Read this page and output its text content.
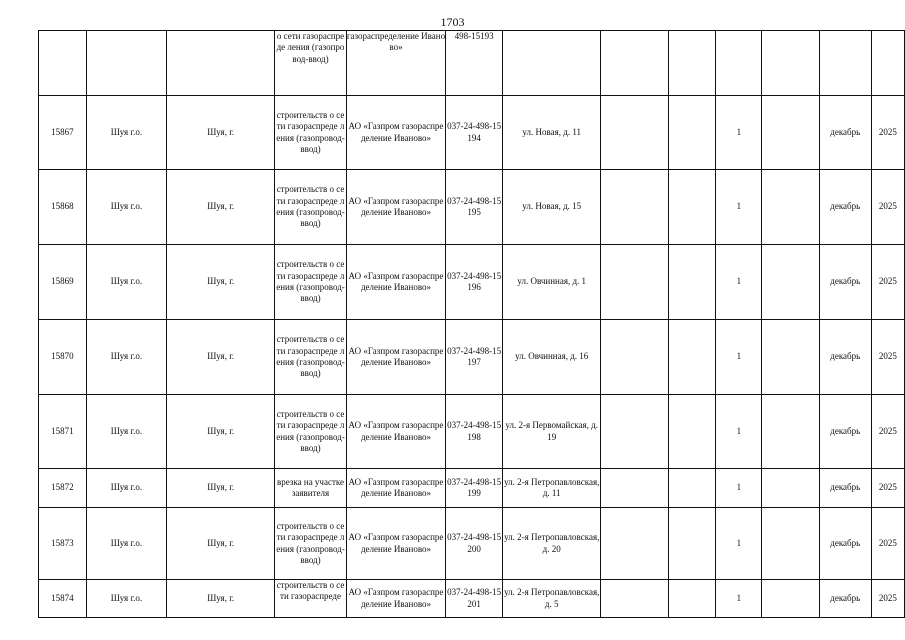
1703
			о сети газораспреде ления (газопровод-ввод)	газораспределение Иваново»	498-15193							
15867	Шуя г.о.	Шуя, г.	строительств о сети газораспреде ления (газопровод-ввод)	АО «Газпром газораспределение Иваново»	037-24-498-15194	ул. Новая, д. 11			1		декабрь	2025
15868	Шуя г.о.	Шуя, г.	строительств о сети газораспреде ления (газопровод-ввод)	АО «Газпром газораспределение Иваново»	037-24-498-15195	ул. Новая, д. 15			1		декабрь	2025
15869	Шуя г.о.	Шуя, г.	строительств о сети газораспреде ления (газопровод-ввод)	АО «Газпром газораспределение Иваново»	037-24-498-15196	ул. Овчинная, д. 1			1		декабрь	2025
15870	Шуя г.о.	Шуя, г.	строительств о сети газораспреде ления (газопровод-ввод)	АО «Газпром газораспределение Иваново»	037-24-498-15197	ул. Овчинная, д. 16			1		декабрь	2025
15871	Шуя г.о.	Шуя, г.	строительств о сети газораспреде ления (газопровод-ввод)	АО «Газпром газораспределение Иваново»	037-24-498-15198	ул. 2-я Первомайская, д. 19			1		декабрь	2025
15872	Шуя г.о.	Шуя, г.	врезка на участке заявителя	АО «Газпром газораспределение Иваново»	037-24-498-15199	ул. 2-я Петропавловская, д. 11			1		декабрь	2025
15873	Шуя г.о.	Шуя, г.	строительств о сети газораспреде ления (газопровод-ввод)	АО «Газпром газораспределение Иваново»	037-24-498-15200	ул. 2-я Петропавловская, д. 20			1		декабрь	2025
15874	Шуя г.о.	Шуя, г.	строительств о сети газораспреде	АО «Газпром газораспределение Иваново»	037-24-498-15201	ул. 2-я Петропавловская, д. 5			1		декабрь	2025
